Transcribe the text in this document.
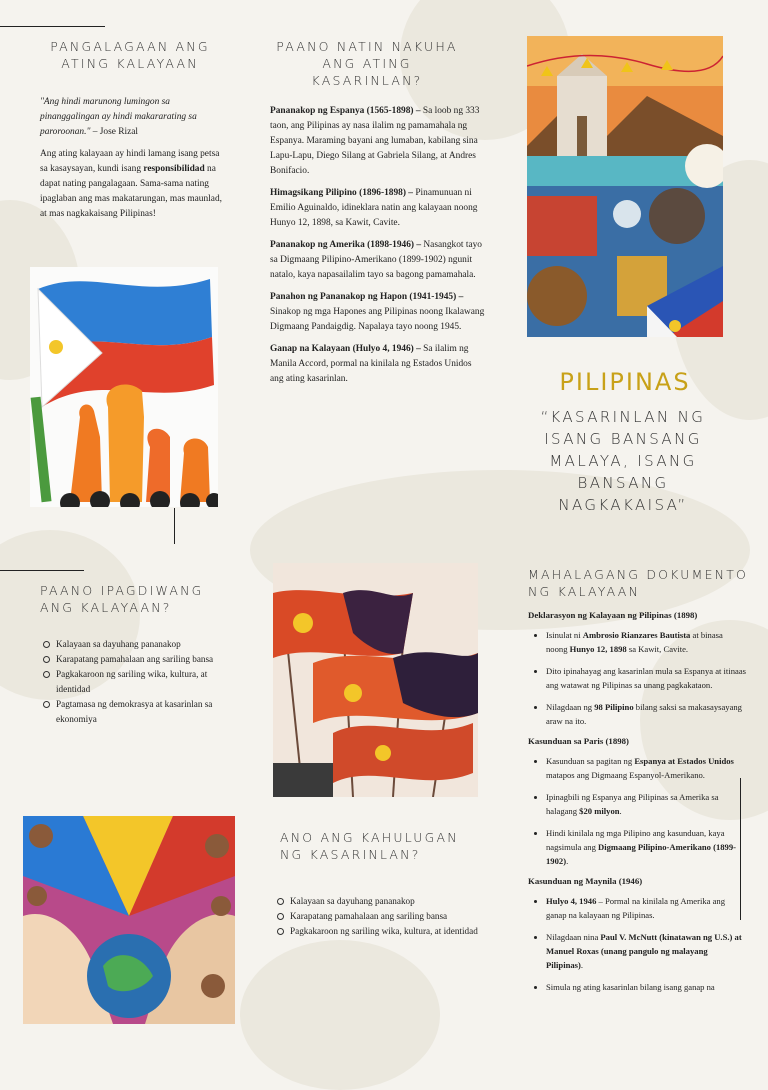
PANGALAGAAN ANG ATING KALAYAAN

"Ang hindi marunong lumingon sa pinanggalingan ay hindi makararating sa paroroonan." – Jose Rizal

Ang ating kalayaan ay hindi lamang isang petsa sa kasaysayan, kundi isang responsibilidad na dapat nating pangalagaan. Sama-sama nating ipaglaban ang mas makatarungan, mas maunlad, at mas nagkakaisang Pilipinas!

PAANO NATIN NAKUHA ANG ATING KASARINLAN?

Pananakop ng Espanya (1565-1898) – Sa loob ng 333 taon, ang Pilipinas ay nasa ilalim ng pamamahala ng Espanya. Maraming bayani ang lumaban, kabilang sina Lapu-Lapu, Diego Silang at Gabriela Silang, at Andres Bonifacio.

Himagsikang Pilipino (1896-1898) – Pinamunuan ni Emilio Aguinaldo, idineklara natin ang kalayaan noong Hunyo 12, 1898, sa Kawit, Cavite.

Pananakop ng Amerika (1898-1946) – Nasangkot tayo sa Digmaang Pilipino-Amerikano (1899-1902) ngunit natalo, kaya napasailalim tayo sa bagong pamamahala.

Panahon ng Pananakop ng Hapon (1941-1945) – Sinakop ng mga Hapones ang Pilipinas noong Ikalawang Digmaang Pandaigdig. Napalaya tayo noong 1945.

Ganap na Kalayaan (Hulyo 4, 1946) – Sa ilalim ng Manila Accord, pormal na kinilala ng Estados Unidos ang ating kasarinlan.	PILIPINAS
“KASARINLAN NG ISANG BANSANG MALAYA, ISANG BANSANG NAGKAKAISA”
PAANO IPAGDIWANG ANG KALAYAAN?
Kalayaan sa dayuhang pananakop
Karapatang pamahalaan ang sariling bansa
Pagkakaroon ng sariling wika, kultura, at identidad
Pagtamasa ng demokrasya at kasarinlan sa ekonomiya
ANO ANG KAHULUGAN NG KASARINLAN?
Kalayaan sa dayuhang pananakop
Karapatang pamahalaan ang sariling bansa
Pagkakaroon ng sariling wika, kultura, at identidad
MAHALAGANG DOKUMENTO NG KALAYAAN
Deklarasyon ng Kalayaan ng Pilipinas (1898)
• Isinulat ni Ambrosio Rianzares Bautista at binasa noong Hunyo 12, 1898 sa Kawit, Cavite.
• Dito ipinahayag ang kasarinlan mula sa Espanya at itinaas ang watawat ng Pilipinas sa unang pagkakataon.
• Nilagdaan ng 98 Pilipino bilang saksi sa makasaysayang araw na ito.
Kasunduan sa Paris (1898)
• Kasunduan sa pagitan ng Espanya at Estados Unidos matapos ang Digmaang Espanyol-Amerikano.
• Ipinagbili ng Espanya ang Pilipinas sa Amerika sa halagang $20 milyon.
• Hindi kinilala ng mga Pilipino ang kasunduan, kaya nagsimula ang Digmaang Pilipino-Amerikano (1899-1902).
Kasunduan ng Maynila (1946)
• Hulyo 4, 1946 – Pormal na kinilala ng Amerika ang ganap na kalayaan ng Pilipinas.
• Nilagdaan nina Paul V. McNutt (kinatawan ng U.S.) at Manuel Roxas (unang pangulo ng malayang Pilipinas).
• Simula ng ating kasarinlan bilang isang ganap na
